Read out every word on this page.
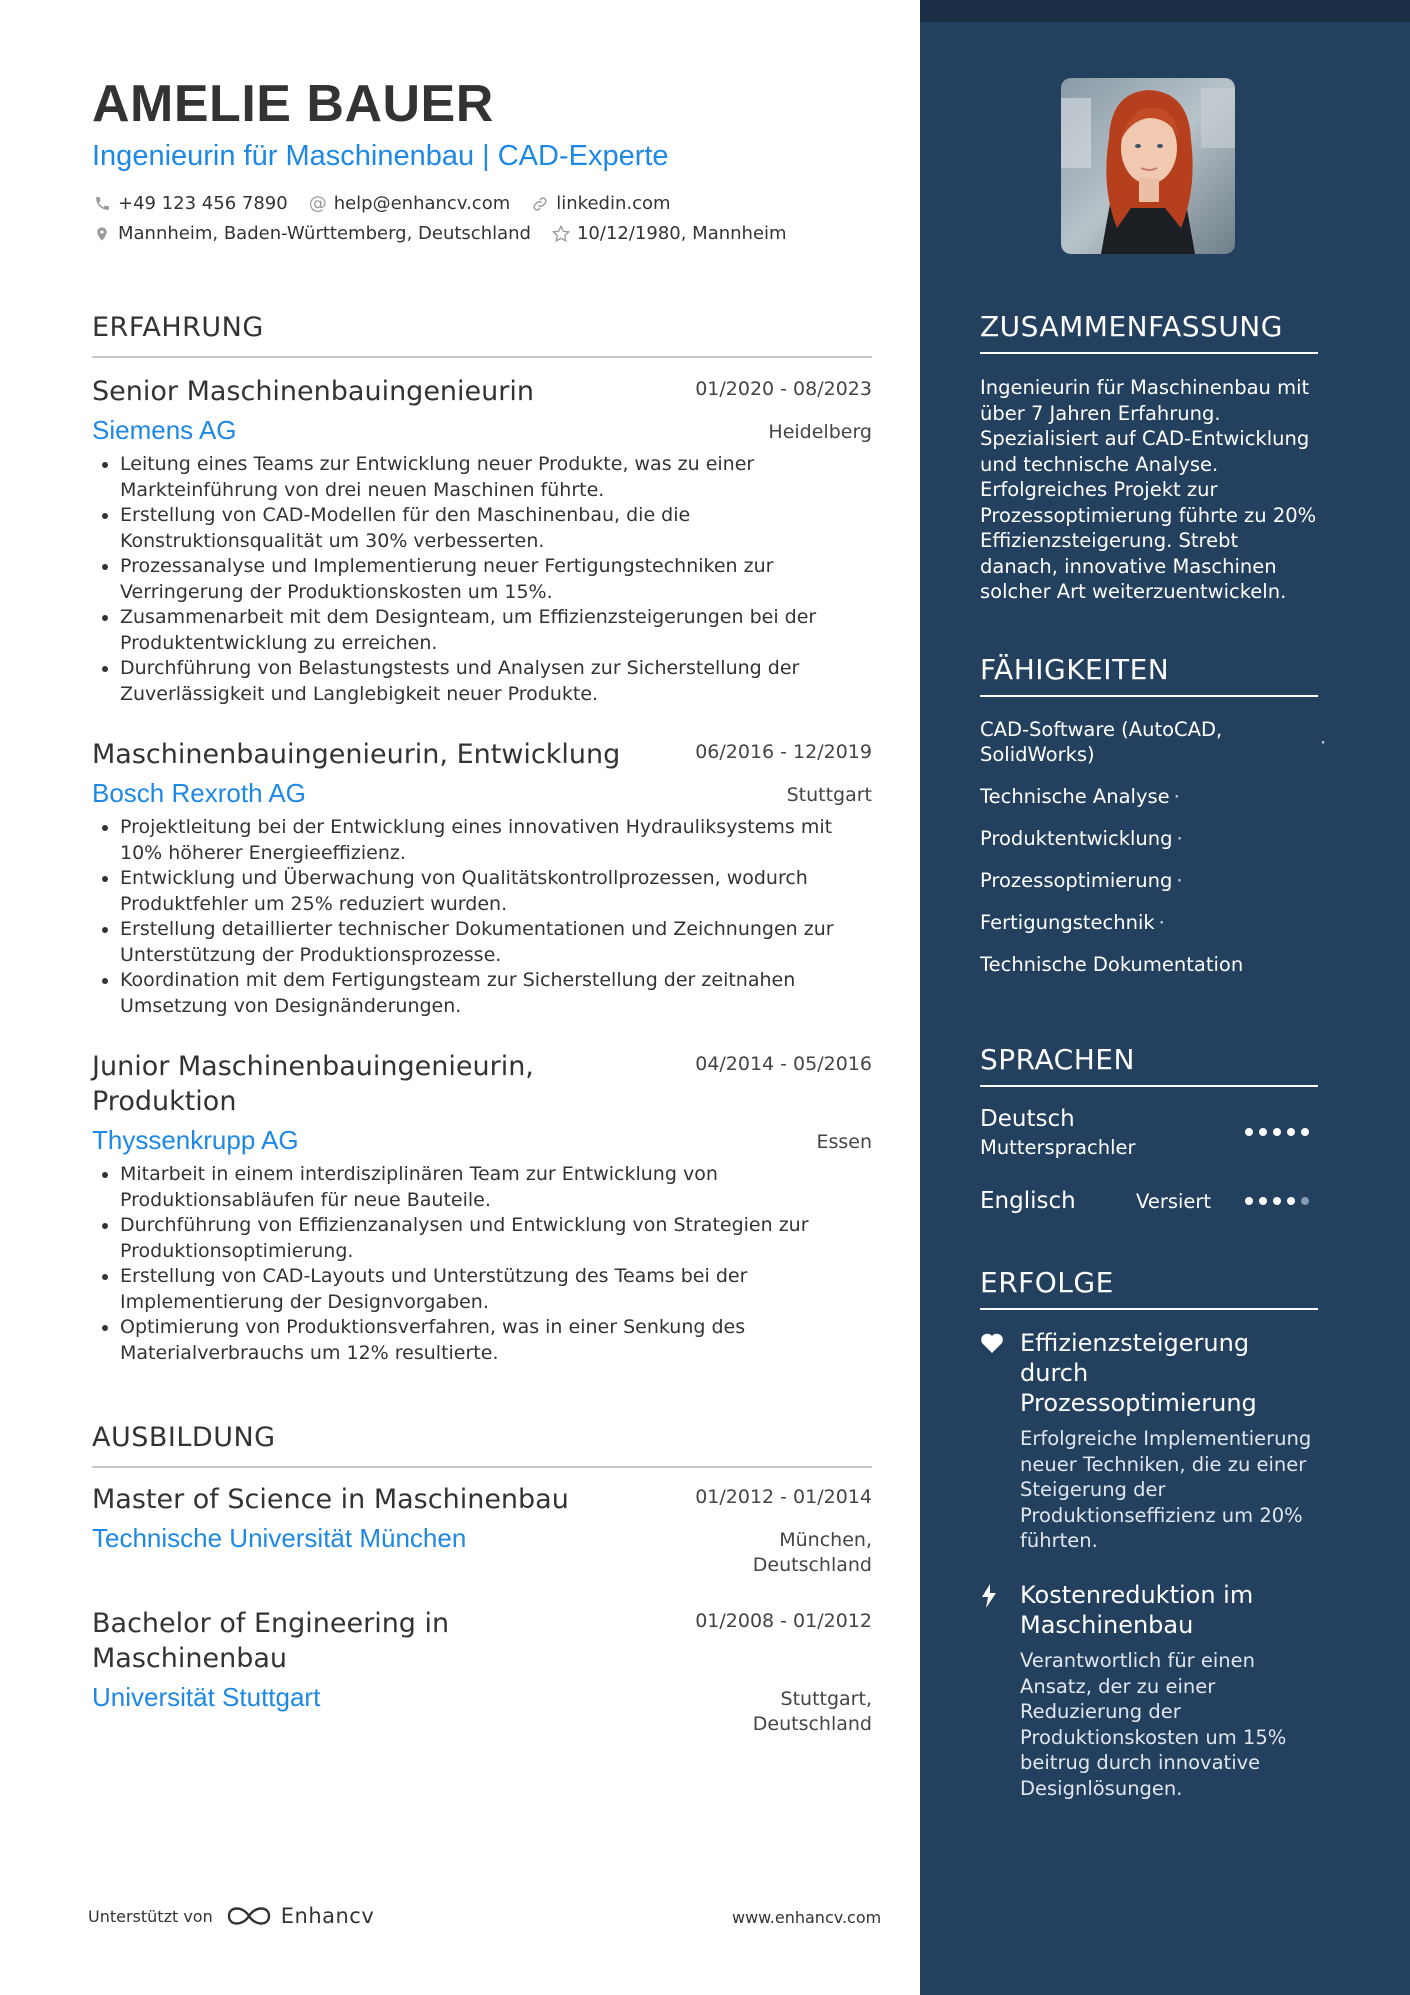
AMELIE BAUER
Ingenieurin für Maschinenbau | CAD-Experte
+49 123 456 7890 @ help@enhancv.com	linkedin.com
Mannheim, Baden-Württemberg, Deutschland	10/12/1980, Mannheim
ERFAHRUNG
Senior Maschinenbauingenieurin	01/2020 - 08/2023
Siemens AG	Heidelberg
• Leitung eines Teams zur Entwicklung neuer Produkte, was zu einer Markteinführung von drei neuen Maschinen führte.
• Erstellung von CAD-Modellen für den Maschinenbau, die die Konstruktionsqualität um 30% verbesserten.
• Prozessanalyse und Implementierung neuer Fertigungstechniken zur Verringerung der Produktionskosten um 15%.
• Zusammenarbeit mit dem Designteam, um Effizienzsteigerungen bei der Produktentwicklung zu erreichen.
• Durchführung von Belastungstests und Analysen zur Sicherstellung der Zuverlässigkeit und Langlebigkeit neuer Produkte.
Maschinenbauingenieurin, Entwicklung	06/2016 - 12/2019
Bosch Rexroth AG	Stuttgart
• Projektleitung bei der Entwicklung eines innovativen Hydrauliksystems mit 10% höherer Energieeffizienz.
• Entwicklung und Überwachung von Qualitätskontrollprozessen, wodurch Produktfehler um 25% reduziert wurden.
• Erstellung detaillierter technischer Dokumentationen und Zeichnungen zur Unterstützung der Produktionsprozesse.
• Koordination mit dem Fertigungsteam zur Sicherstellung der zeitnahen Umsetzung von Designänderungen.
Junior Maschinenbauingenieurin, Produktion
04/2014 - 05/2016
Thyssenkrupp AG	Essen
• Mitarbeit in einem interdisziplinären Team zur Entwicklung von Produktionsabläufen für neue Bauteile.
• Durchführung von Effizienzanalysen und Entwicklung von Strategien zur Produktionsoptimierung.
• Erstellung von CAD-Layouts und Unterstützung des Teams bei der Implementierung der Designvorgaben.
• Optimierung von Produktionsverfahren, was in einer Senkung des Materialverbrauchs um 12% resultierte.
AUSBILDUNG
Master of Science in Maschinenbau	01/2012 - 01/2014
Technische Universität München	München,
Deutschland
Bachelor of Engineering in Maschinenbau
01/2008 - 01/2012
Universität Stuttgart	Stuttgart,
Deutschland
ZUSAMMENFASSUNG
Ingenieurin für Maschinenbau mit über 7 Jahren Erfahrung. Spezialisiert auf CAD-Entwicklung und technische Analyse. Erfolgreiches Projekt zur Prozessoptimierung führte zu 20% Effizienzsteigerung. Strebt danach, innovative Maschinen solcher Art weiterzuentwickeln.
FÄHIGKEITEN
CAD-Software (AutoCAD, SolidWorks)
·
Technische Analyse ·
Produktentwicklung ·
Prozessoptimierung ·
Fertigungstechnik ·
Technische Dokumentation
SPRACHEN
Deutsch
Muttersprachler
Englisch	Versiert
ERFOLGE
Effizienzsteigerung durch Prozessoptimierung
Erfolgreiche Implementierung neuer Techniken, die zu einer Steigerung der Produktionseffizienz um 20% führten.
Kostenreduktion im Maschinenbau
Verantwortlich für einen Ansatz, der zu einer Reduzierung der Produktionskosten um 15% beitrug durch innovative Designlösungen.
Unterstützt von	Enhancv	www.enhancv.com
